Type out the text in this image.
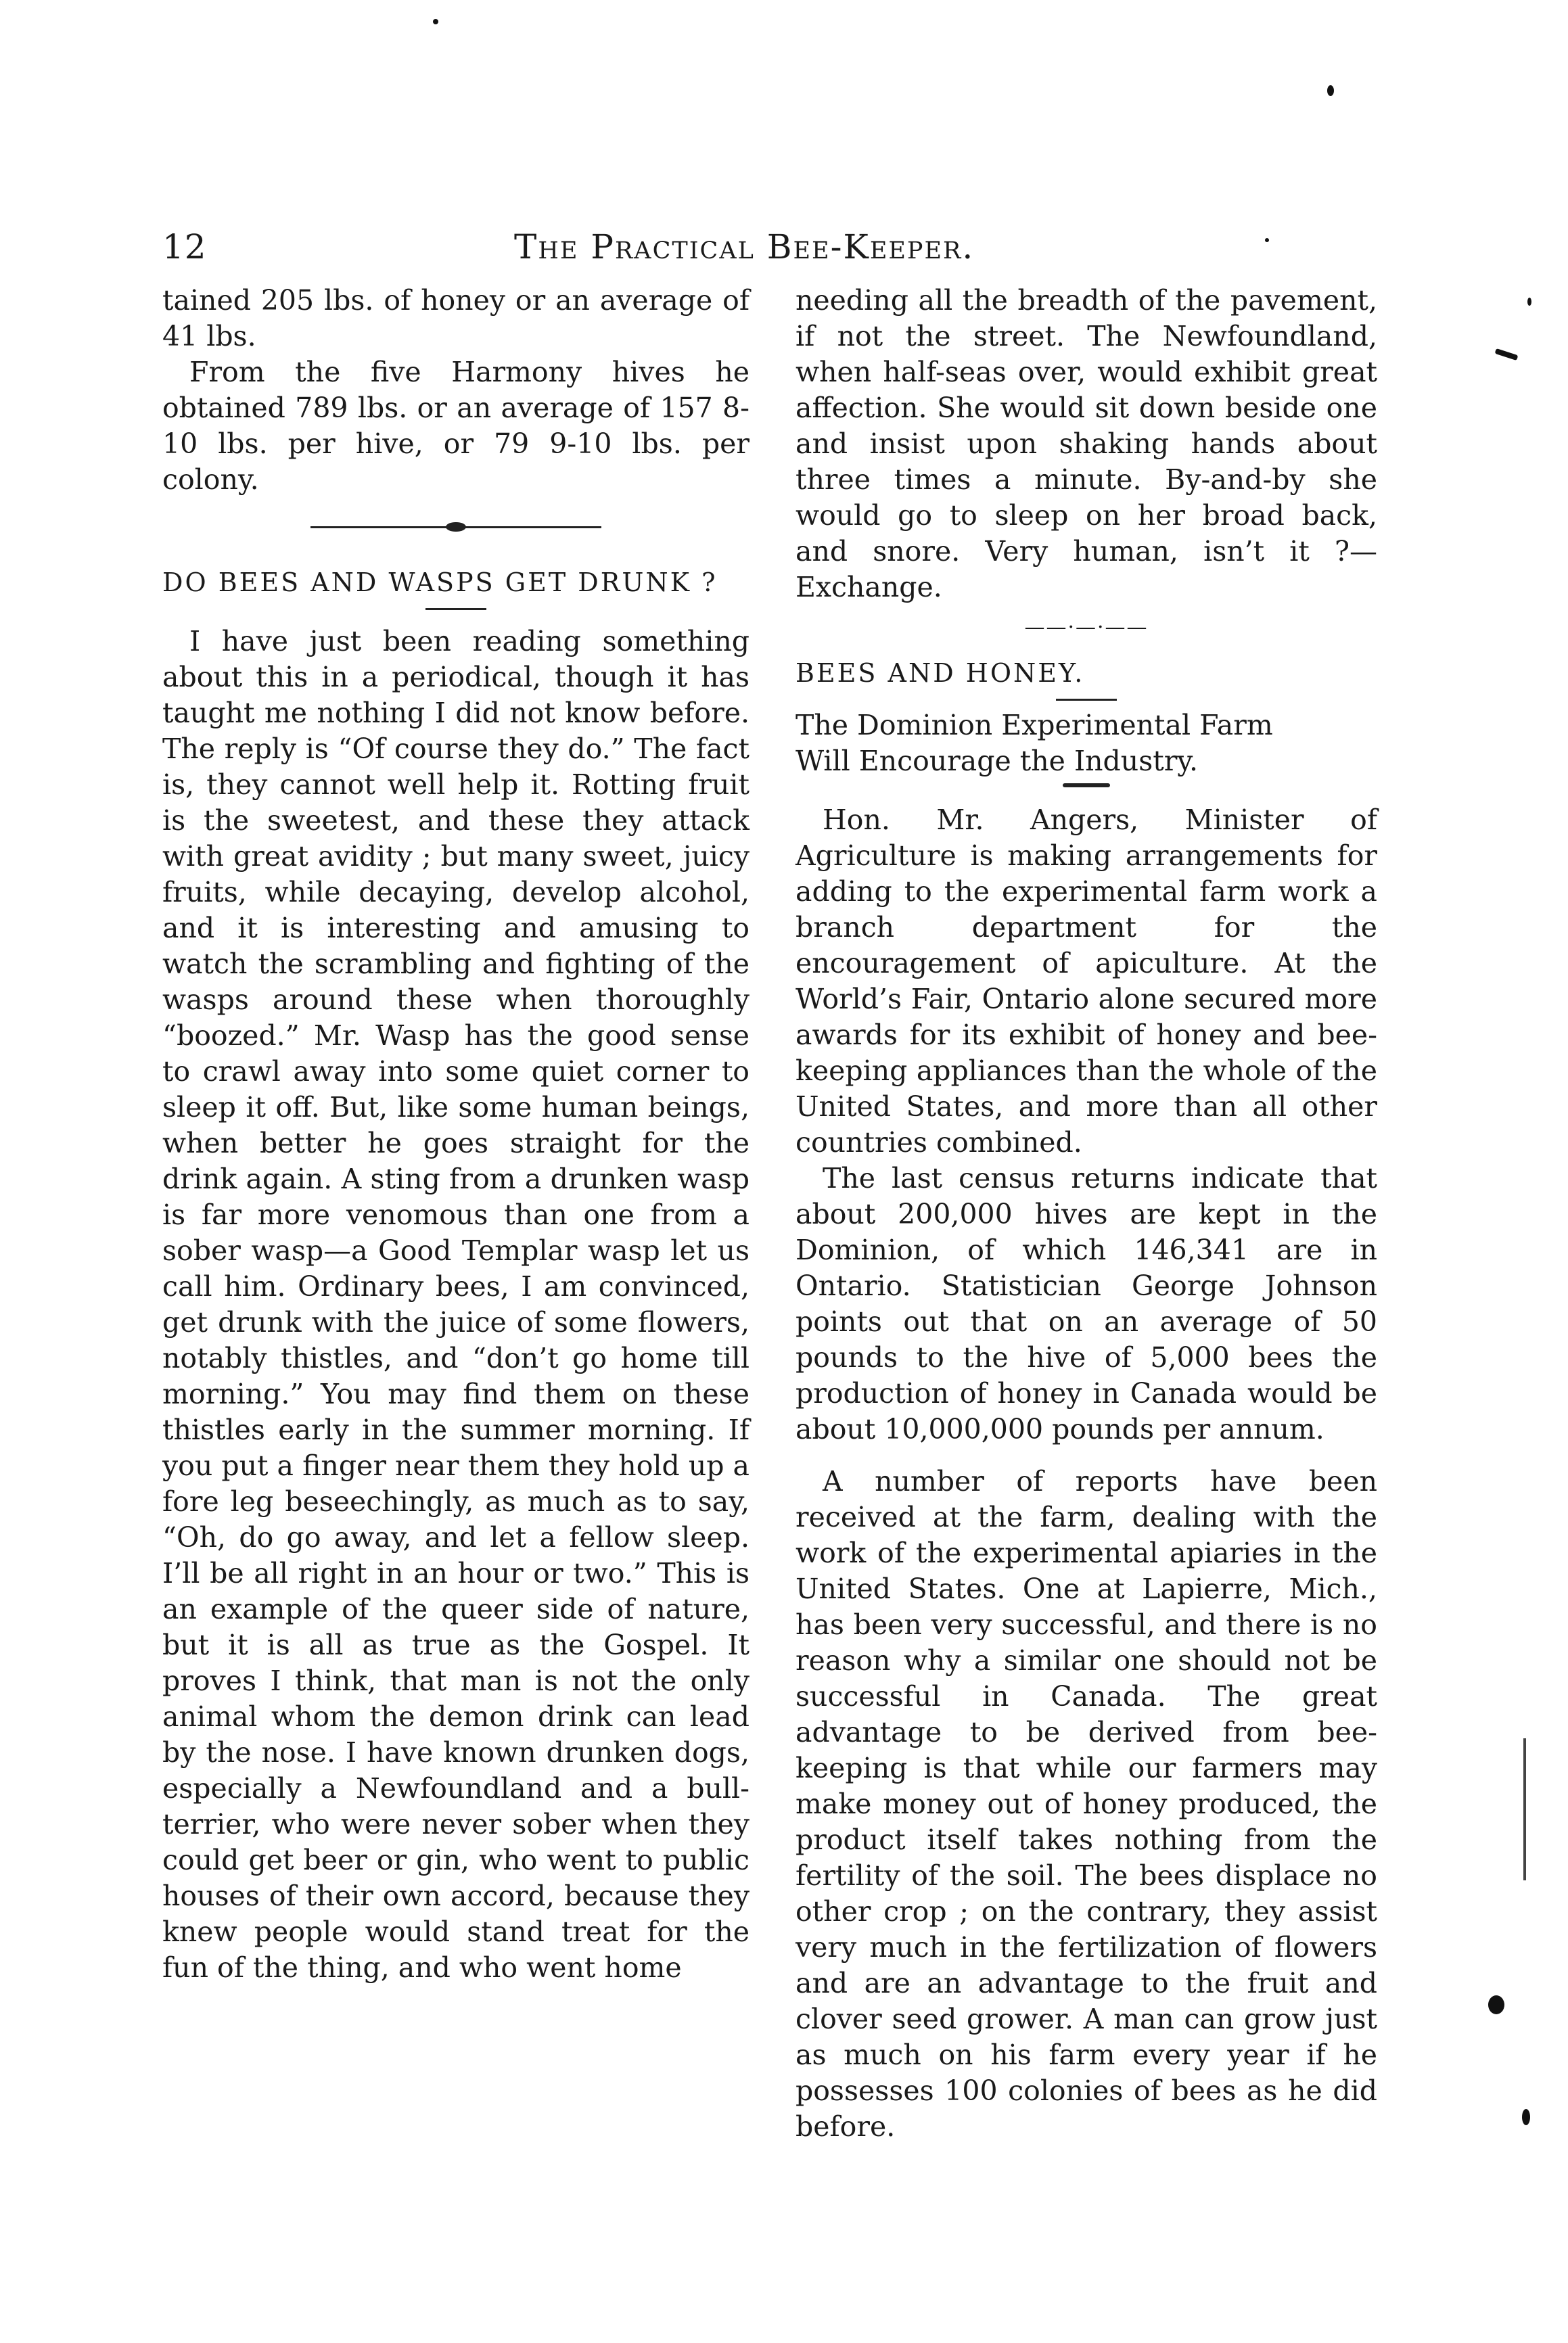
12	The Practical Bee-Keeper.

tained 205 lbs. of honey or an average of 41 lbs.

From the five Harmony hives he obtained 789 lbs. or an average of 157 8-10 lbs. per hive, or 79 9-10 lbs. per colony.

DO BEES AND WASPS GET DRUNK ?

I have just been reading something about this in a periodical, though it has taught me nothing I did not know before. The reply is “Of course they do.” The fact is, they cannot well help it. Rotting fruit is the sweetest, and these they attack with great avidity ; but many sweet, juicy fruits, while decaying, develop alcohol, and it is interesting and amusing to watch the scrambling and fighting of the wasps around these when thoroughly “boozed.” Mr. Wasp has the good sense to crawl away into some quiet corner to sleep it off. But, like some human beings, when better he goes straight for the drink again. A sting from a drunken wasp is far more venomous than one from a sober wasp—a Good Templar wasp let us call him. Ordinary bees, I am convinced, get drunk with the juice of some flowers, notably thistles, and “don’t go home till morning.” You may find them on these thistles early in the summer morning. If you put a finger near them they hold up a fore leg beseechingly, as much as to say, “Oh, do go away, and let a fellow sleep. I’ll be all right in an hour or two.” This is an example of the queer side of nature, but it is all as true as the Gospel. It proves I think, that man is not the only animal whom the demon drink can lead by the nose. I have known drunken dogs, especially a Newfoundland and a bull-terrier, who were never sober when they could get beer or gin, who went to public houses of their own accord, because they knew people would stand treat for the fun of the thing, and who went home

needing all the breadth of the pavement, if not the street. The Newfoundland, when half-seas over, would exhibit great affection. She would sit down beside one and insist upon shaking hands about three times a minute. By-and-by she would go to sleep on her broad back, and snore. Very human, isn’t it ?—Exchange.

——·—·——

BEES AND HONEY.

The Dominion Experimental Farm

Will Encourage the Industry.

Hon. Mr. Angers, Minister of Agriculture is making arrangements for adding to the experimental farm work a branch department for the encouragement of apiculture. At the World’s Fair, Ontario alone secured more awards for its exhibit of honey and bee-keeping appliances than the whole of the United States, and more than all other countries combined.

The last census returns indicate that about 200,000 hives are kept in the Dominion, of which 146,341 are in Ontario. Statistician George Johnson points out that on an average of 50 pounds to the hive of 5,000 bees the production of honey in Canada would be about 10,000,000 pounds per annum.

A number of reports have been received at the farm, dealing with the work of the experimental apiaries in the United States. One at Lapierre, Mich., has been very successful, and there is no reason why a similar one should not be successful in Canada. The great advantage to be derived from bee-keeping is that while our farmers may make money out of honey produced, the product itself takes nothing from the fertility of the soil. The bees displace no other crop ; on the contrary, they assist very much in the fertilization of flowers and are an advantage to the fruit and clover seed grower. A man can grow just as much on his farm every year if he possesses 100 colonies of bees as he did before.
